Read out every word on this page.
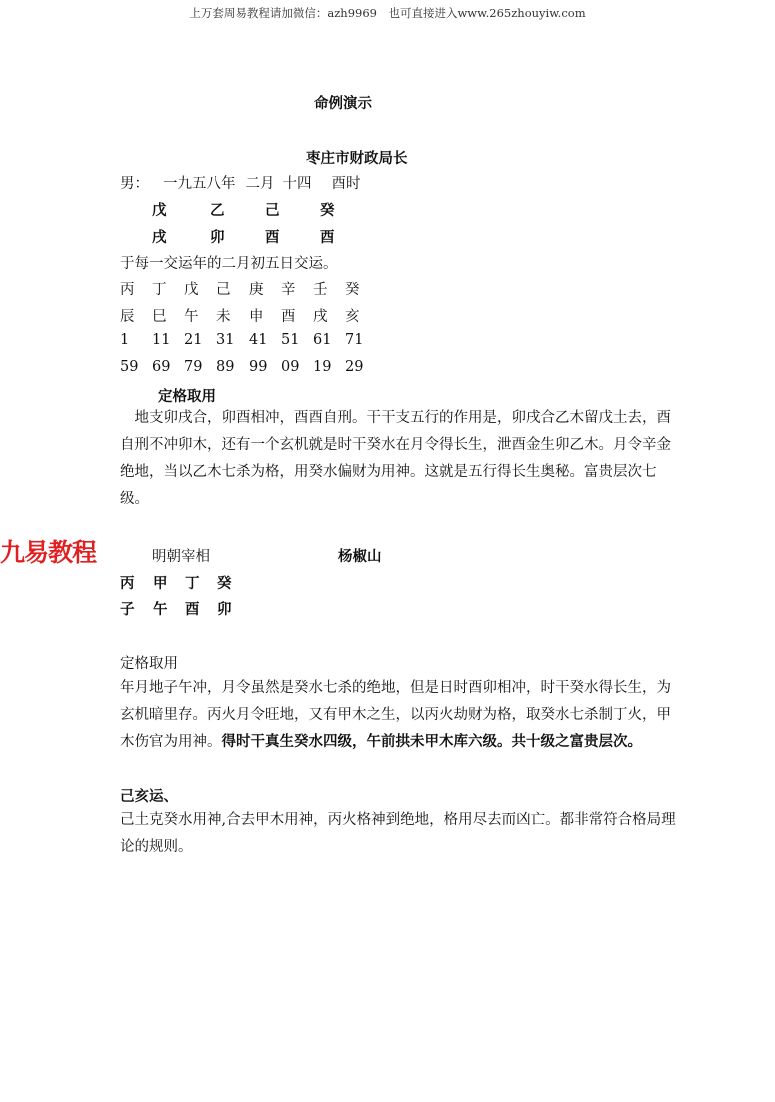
上万套周易教程请加微信：azh9969　也可直接进入www.265zhouyiw.com
命例演示
枣庄市财政局长
男： 一九五八年 二月 十四 酉时
戊	乙	己	癸
戌	卯	酉	酉
于每一交运年的二月初五日交运。
丙 丁 戊 己 庚 辛 壬 癸
辰 巳 午 未 申 酉 戌 亥
1 11 21 31 41 51 61 71
59 69 79 89 99 09 19 29
定格取用
　地支卯戌合，卯酉相冲，酉酉自刑。干干支五行的作用是，卯戌合乙木留戊土去，酉自刑不冲卯木，还有一个玄机就是时干癸水在月令得长生，泄酉金生卯乙木。月令辛金绝地，当以乙木七杀为格，用癸水偏财为用神。这就是五行得长生奥秘。富贵层次七级。
九易教程	明朝宰相	杨椒山
丙 甲 丁 癸
子 午 酉 卯
定格取用
年月地子午冲，月令虽然是癸水七杀的绝地，但是日时酉卯相冲，时干癸水得长生，为玄机暗里存。丙火月令旺地，又有甲木之生，以丙火劫财为格，取癸水七杀制丁火，甲木伤官为用神。得时干真生癸水四级，午前拱未甲木库六级。共十级之富贵层次。
己亥运、
己土克癸水用神,合去甲木用神，丙火格神到绝地，格用尽去而凶亡。都非常符合格局理论的规则。
